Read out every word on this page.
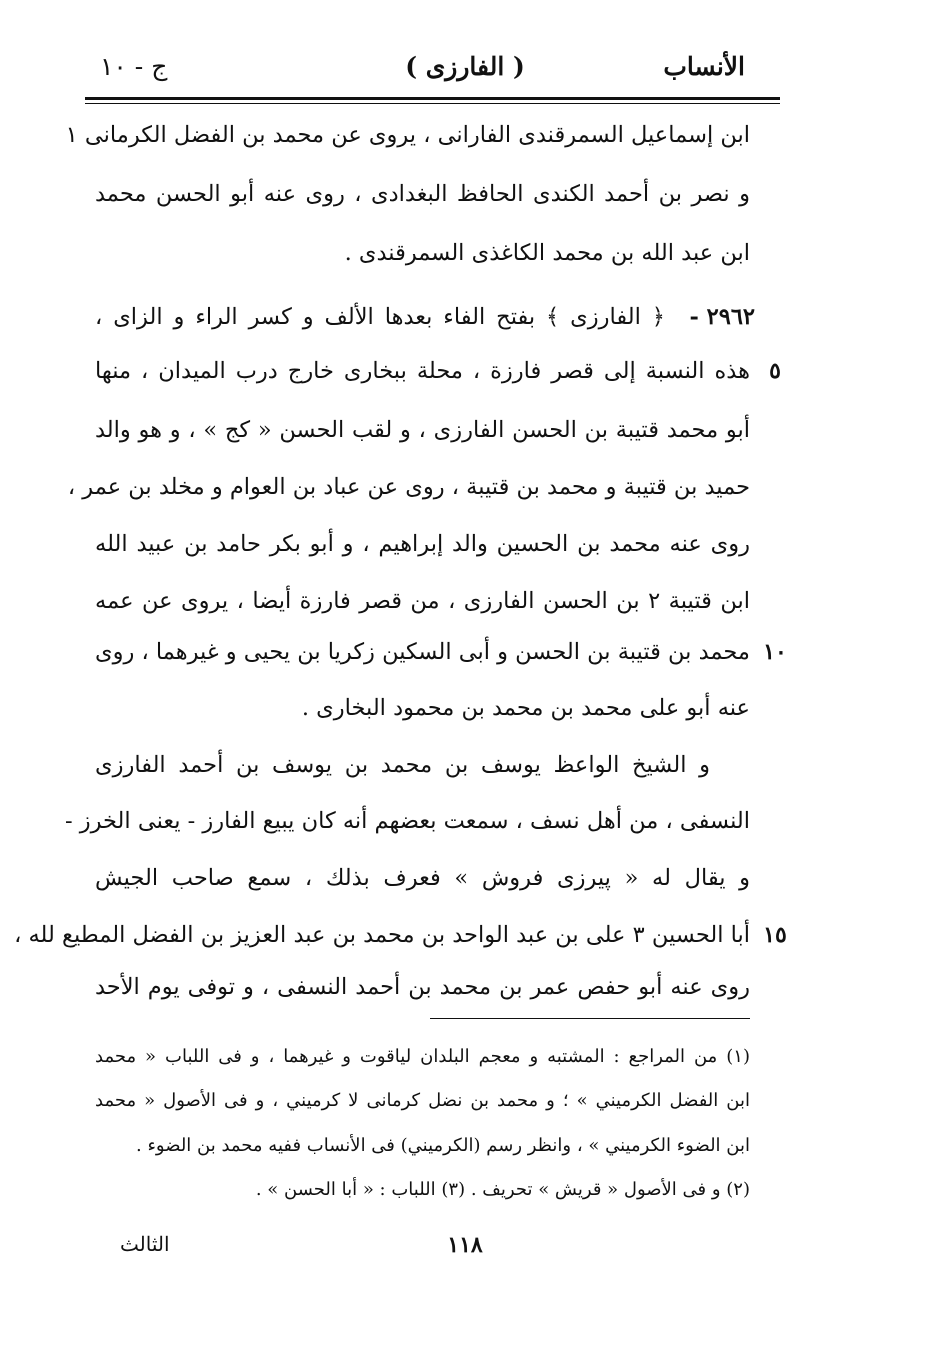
الأنساب
( الفارزى )
ج - ١٠
ابن إسماعيل السمرقندى الفارانى ، يروى عن محمد بن الفضل الكرمانى ١
و نصر بن أحمد الكندى الحافظ البغدادى ، روى عنه أبو الحسن محمد
ابن عبد الله بن محمد الكاغذى السمرقندى .
٢٩٦٢ -
﴿ الفارزى ﴾ بفتح الفاء بعدها الألف و كسر الراء و الزاى ،
٥
هذه النسبة إلى قصر فارزة ، محلة ببخارى خارج درب الميدان ، منها
أبو محمد قتيبة بن الحسن الفارزى ، و لقب الحسن « كج » ، و هو والد
حميد بن قتيبة و محمد بن قتيبة ، روى عن عباد بن العوام و مخلد بن عمر ،
روى عنه محمد بن الحسين والد إبراهيم ، و أبو بكر حامد بن عبيد الله
ابن قتيبة ٢ بن الحسن الفارزى ، من قصر فارزة أيضا ، يروى عن عمه
١٠
محمد بن قتيبة بن الحسن و أبى السكين زكريا بن يحيى و غيرهما ، روى
عنه أبو على محمد بن محمد بن محمود البخارى .
و الشيخ الواعظ يوسف بن محمد بن يوسف بن أحمد الفارزى
النسفى ، من أهل نسف ، سمعت بعضهم أنه كان يبيع الفارز - يعنى الخرز -
و يقال له « پيرزى فروش » فعرف بذلك ، سمع صاحب الجيش
١٥
أبا الحسين ٣ على بن عبد الواحد بن محمد بن عبد العزيز بن الفضل المطيع لله ،
روى عنه أبو حفص عمر بن محمد بن أحمد النسفى ، و توفى يوم الأحد
(١) من المراجع : المشتبه و معجم البلدان لياقوت و غيرهما ، و فى اللباب « محمد
ابن الفضل الكرميني » ؛ و محمد بن نضل كرمانى لا كرميني ، و فى الأصول « محمد
ابن الضوء الكرميني » ، وانظر رسم (الكرميني) فى الأنساب ففيه محمد بن الضوء .
(٢) و فى الأصول « قريش » تحريف . (٣) اللباب : « أبا الحسن » .
١١٨
الثالث
